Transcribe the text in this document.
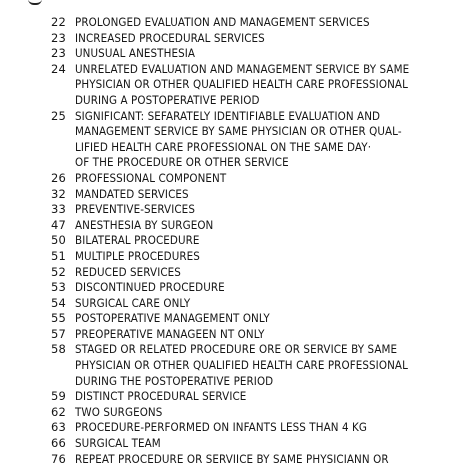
22 PROLONGED EVALUATION AND MANAGEMENT SERVICES
23 INCREASED PROCEDURAL SERVICES
23 UNUSUAL ANESTHESIA
24 UNRELATED EVALUATION AND MANAGEMENT SERVICE BY SAME
PHYSICIAN OR OTHER QUALIFIED HEALTH CARE PROFESSIONAL
DURING A POSTOPERATIVE PERIOD
25 SIGNIFICANT: SEFARATELY IDENTIFIABLE EVALUATION AND
MANAGEMENT SERVICE BY SAME PHYSICIAN OR OTHER QUAL-
LIFIED HEALTH CARE PROFESSIONAL ON THE SAME DAY·
OF THE PROCEDURE OR OTHER SERVICE
26 PROFESSIONAL COMPONENT
32 MANDATED SERVICES
33 PREVENTIVE-SERVICES
47 ANESTHESIA BY SURGEON
50 BILATERAL PROCEDURE
51 MULTIPLE PROCEDURES
52 REDUCED SERVICES
53 DISCONTINUED PROCEDURE
54 SURGICAL CARE ONLY
55 POSTOPERATIVE MANAGEMENT ONLY
57 PREOPERATIVE MANAGEEN NT ONLY
58 STAGED OR RELATED PROCEDURE ORE OR SERVICE BY SAME
PHYSICIAN OR OTHER QUALIFIED HEALTH CARE PROFESSIONAL
DURING THE POSTOPERATIVE PERIOD
59 DISTINCT PROCEDURAL SERVICE
62 TWO SURGEONS
63 PROCEDURE-PERFORMED ON INFANTS LESS THAN 4 KG
66 SURGICAL TEAM
76 REPEAT PROCEDURE OR SERVIICE BY SAME PHYSICIANN OR
